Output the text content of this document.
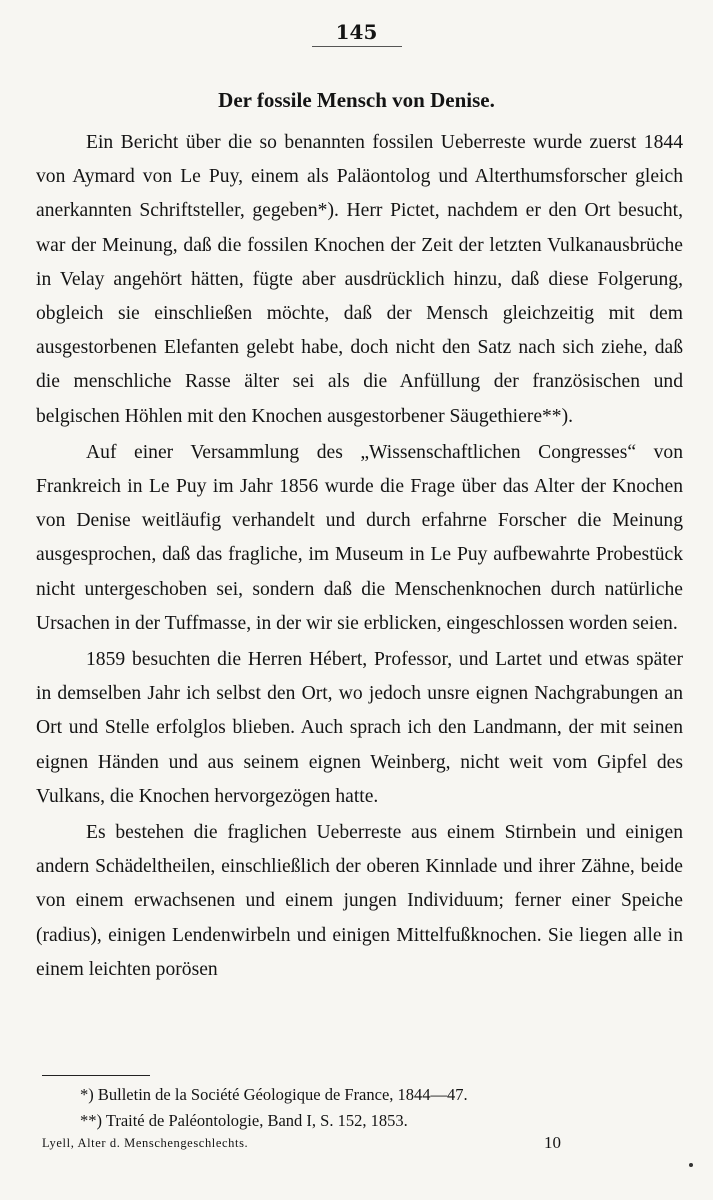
145
Der fossile Mensch von Denise.

Ein Bericht über die so benannten fossilen Ueberreste wurde zuerst 1844 von Aymard von Le Puy, einem als Paläontolog und Alterthumsforscher gleich anerkannten Schriftsteller, gegeben*). Herr Pictet, nachdem er den Ort besucht, war der Meinung, daß die fossilen Knochen der Zeit der letzten Vulkanausbrüche in Velay angehört hätten, fügte aber ausdrücklich hinzu, daß diese Folgerung, obgleich sie einschließen möchte, daß der Mensch gleichzeitig mit dem ausgestorbenen Elefanten gelebt habe, doch nicht den Satz nach sich ziehe, daß die menschliche Rasse älter sei als die Anfüllung der französischen und belgischen Höhlen mit den Knochen ausgestorbener Säugethiere**).

Auf einer Versammlung des „Wissenschaftlichen Congresses“ von Frankreich in Le Puy im Jahr 1856 wurde die Frage über das Alter der Knochen von Denise weitläufig verhandelt und durch erfahrne Forscher die Meinung ausgesprochen, daß das fragliche, im Museum in Le Puy aufbewahrte Probestück nicht untergeschoben sei, sondern daß die Menschenknochen durch natürliche Ursachen in der Tuffmasse, in der wir sie erblicken, eingeschlossen worden seien.

1859 besuchten die Herren Hébert, Professor, und Lartet und etwas später in demselben Jahr ich selbst den Ort, wo jedoch unsre eignen Nachgrabungen an Ort und Stelle erfolglos blieben. Auch sprach ich den Landmann, der mit seinen eignen Händen und aus seinem eignen Weinberg, nicht weit vom Gipfel des Vulkans, die Knochen hervorgezögen hatte.

Es bestehen die fraglichen Ueberreste aus einem Stirnbein und einigen andern Schädeltheilen, einschließlich der oberen Kinnlade und ihrer Zähne, beide von einem erwachsenen und einem jungen Individuum; ferner einer Speiche (radius), einigen Lendenwirbeln und einigen Mittelfußknochen. Sie liegen alle in einem leichten porösen

*) Bulletin de la Société Géologique de France, 1844—47.
**) Traité de Paléontologie, Band I, S. 152, 1853.
Lyell, Alter d. Menschengeschlechts.	10
